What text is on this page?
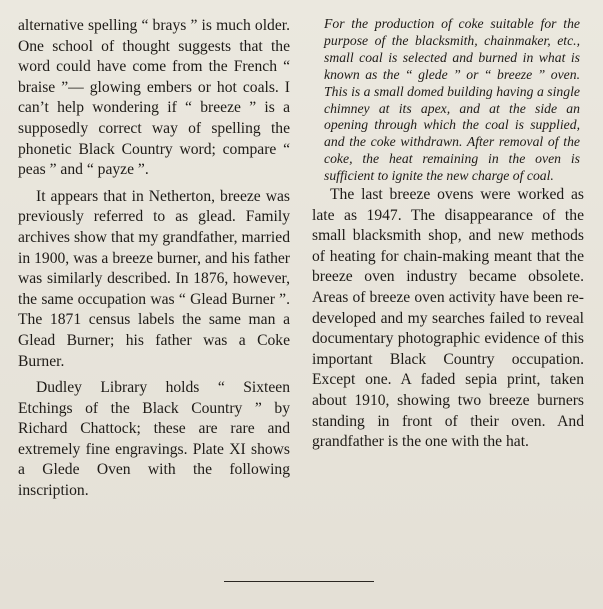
alternative spelling “ brays ” is much older. One school of thought suggests that the word could have come from the French “ braise ”— glowing embers or hot coals. I can’t help wondering if “ breeze ” is a supposedly correct way of spelling the phonetic Black Country word; compare “ peas ” and “ payze ”.

It appears that in Netherton, breeze was previously referred to as glead. Family archives show that my grandfather, married in 1900, was a breeze burner, and his father was similarly described. In 1876, however, the same occupation was “ Glead Burner ”. The 1871 census labels the same man a Glead Burner; his father was a Coke Burner.

Dudley Library holds “ Sixteen Etchings of the Black Country ” by Richard Chattock; these are rare and extremely fine engravings. Plate XI shows a Glede Oven with the following inscription.

For the production of coke suitable for the purpose of the blacksmith, chainmaker, etc., small coal is selected and burned in what is known as the “ glede ” or “ breeze ” oven. This is a small domed building having a single chimney at its apex, and at the side an opening through which the coal is supplied, and the coke withdrawn. After removal of the coke, the heat remaining in the oven is sufficient to ignite the new charge of coal.

The last breeze ovens were worked as late as 1947. The disappearance of the small blacksmith shop, and new methods of heating for chain-making meant that the breeze oven industry became obsolete. Areas of breeze oven activity have been re-developed and my searches failed to reveal documentary photographic evidence of this important Black Country occupation. Except one. A faded sepia print, taken about 1910, showing two breeze burners standing in front of their oven. And grandfather is the one with the hat.
